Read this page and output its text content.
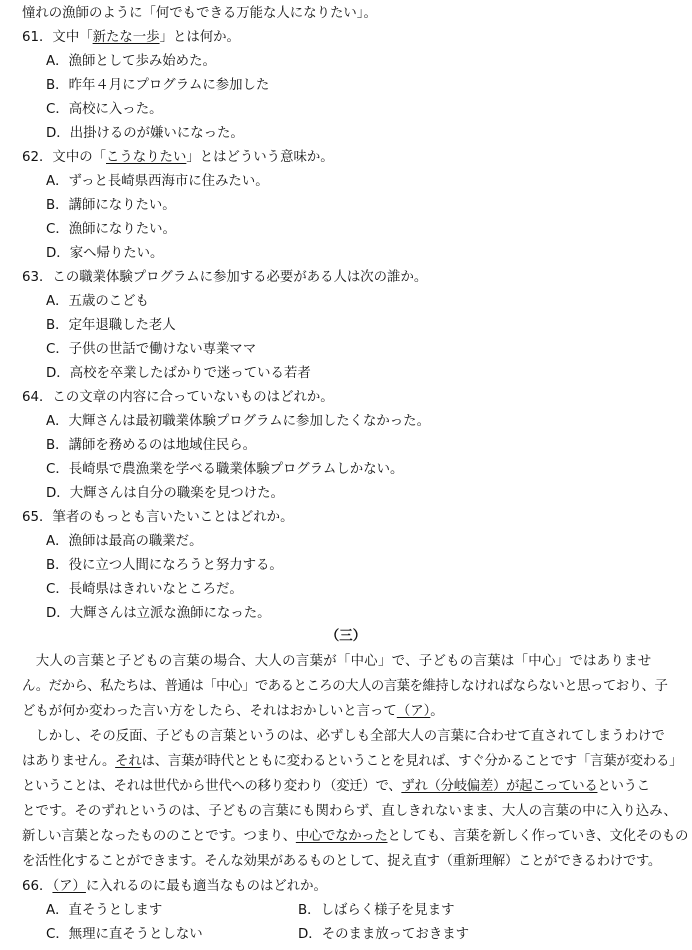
憧れの漁師のように「何でもできる万能な人になりたい」。
61．文中「新たな一歩」とは何か。
A．漁師として歩み始めた。
B．昨年４月にプログラムに参加した
C．高校に入った。
D．出掛けるのが嫌いになった。
62．文中の「こうなりたい」とはどういう意味か。
A．ずっと長崎県西海市に住みたい。
B．講師になりたい。
C．漁師になりたい。
D．家へ帰りたい。
63．この職業体験プログラムに参加する必要がある人は次の誰か。
A．五歳のこども
B．定年退職した老人
C．子供の世話で働けない専業ママ
D．高校を卒業したばかりで迷っている若者
64．この文章の内容に合っていないものはどれか。
A．大輝さんは最初職業体験プログラムに参加したくなかった。
B．講師を務めるのは地域住民ら。
C．長崎県で農漁業を学べる職業体験プログラムしかない。
D．大輝さんは自分の職楽を見つけた。
65．筆者のもっとも言いたいことはどれか。
A．漁師は最高の職業だ。
B．役に立つ人間になろうと努力する。
C．長崎県はきれいなところだ。
D．大輝さんは立派な漁師になった。
（三）
　大人の言葉と子どもの言葉の場合、大人の言葉が「中心」で、子どもの言葉は「中心」ではありませ
ん。だから、私たちは、普通は「中心」であるところの大人の言葉を維持しなければならないと思っており、子
どもが何か変わった言い方をしたら、それはおかしいと言って（ア）。
　しかし、その反面、子どもの言葉というのは、必ずしも全部大人の言葉に合わせて直されてしまうわけで
はありません。それは、言葉が時代とともに変わるということを見れば、すぐ分かることです「言葉が変わる」
ということは、それは世代から世代への移り変わり（変迁）で、ずれ（分岐偏差）が起こっているというこ
とです。そのずれというのは、子どもの言葉にも関わらず、直しきれないまま、大人の言葉の中に入り込み、
新しい言葉となったもののことです。つまり、中心でなかったとしても、言葉を新しく作っていき、文化そのもの
を活性化することができます。そんな効果があるものとして、捉え直す（重新理解）ことができるわけです。
66．（ア）に入れるのに最も適当なものはどれか。
A．直そうとします	B．しばらく様子を見ます
C．無理に直そうとしない	D．そのまま放っておきます
